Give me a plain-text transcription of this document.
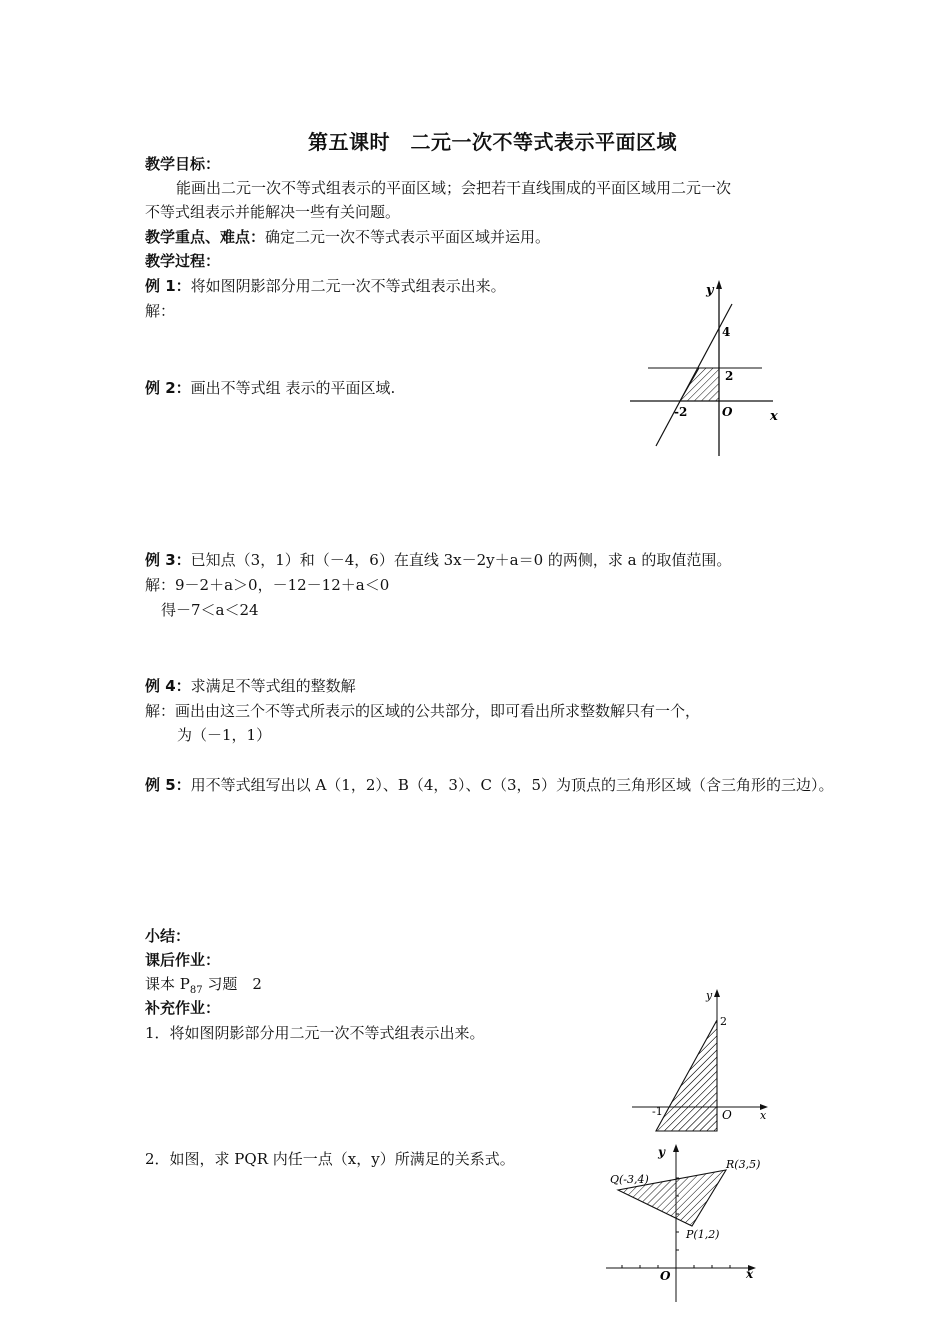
第五课时　二元一次不等式表示平面区域
教学目标：
能画出二元一次不等式组表示的平面区域；会把若干直线围成的平面区域用二元一次
不等式组表示并能解决一些有关问题。
教学重点、难点：确定二元一次不等式表示平面区域并运用。
教学过程：
例 1：将如图阴影部分用二元一次不等式组表示出来。
解：
例 2：画出不等式组 表示的平面区域.
y
x
O
4
2
-2
例 3：已知点（3，1）和（－4，6）在直线 3x－2y＋a＝0 的两侧，求 a 的取值范围。
解：9－2＋a＞0，－12－12＋a＜0
得－7＜a＜24
例 4：求满足不等式组的整数解
解：画出由这三个不等式所表示的区域的公共部分，即可看出所求整数解只有一个，
为（－1，1）
例 5：用不等式组写出以 A（1，2）、B（4，3）、C（3，5）为顶点的三角形区域（含三角形的三边）。
小结：
课后作业：
课本 $P_{87}$ 习题　2
补充作业：
1．将如图阴影部分用二元一次不等式组表示出来。
2．如图，求 PQR 内任一点（x，y）所满足的关系式。
y
x
O
2
-1
y
x
O
Q(-3,4)
R(3,5)
P(1,2)
